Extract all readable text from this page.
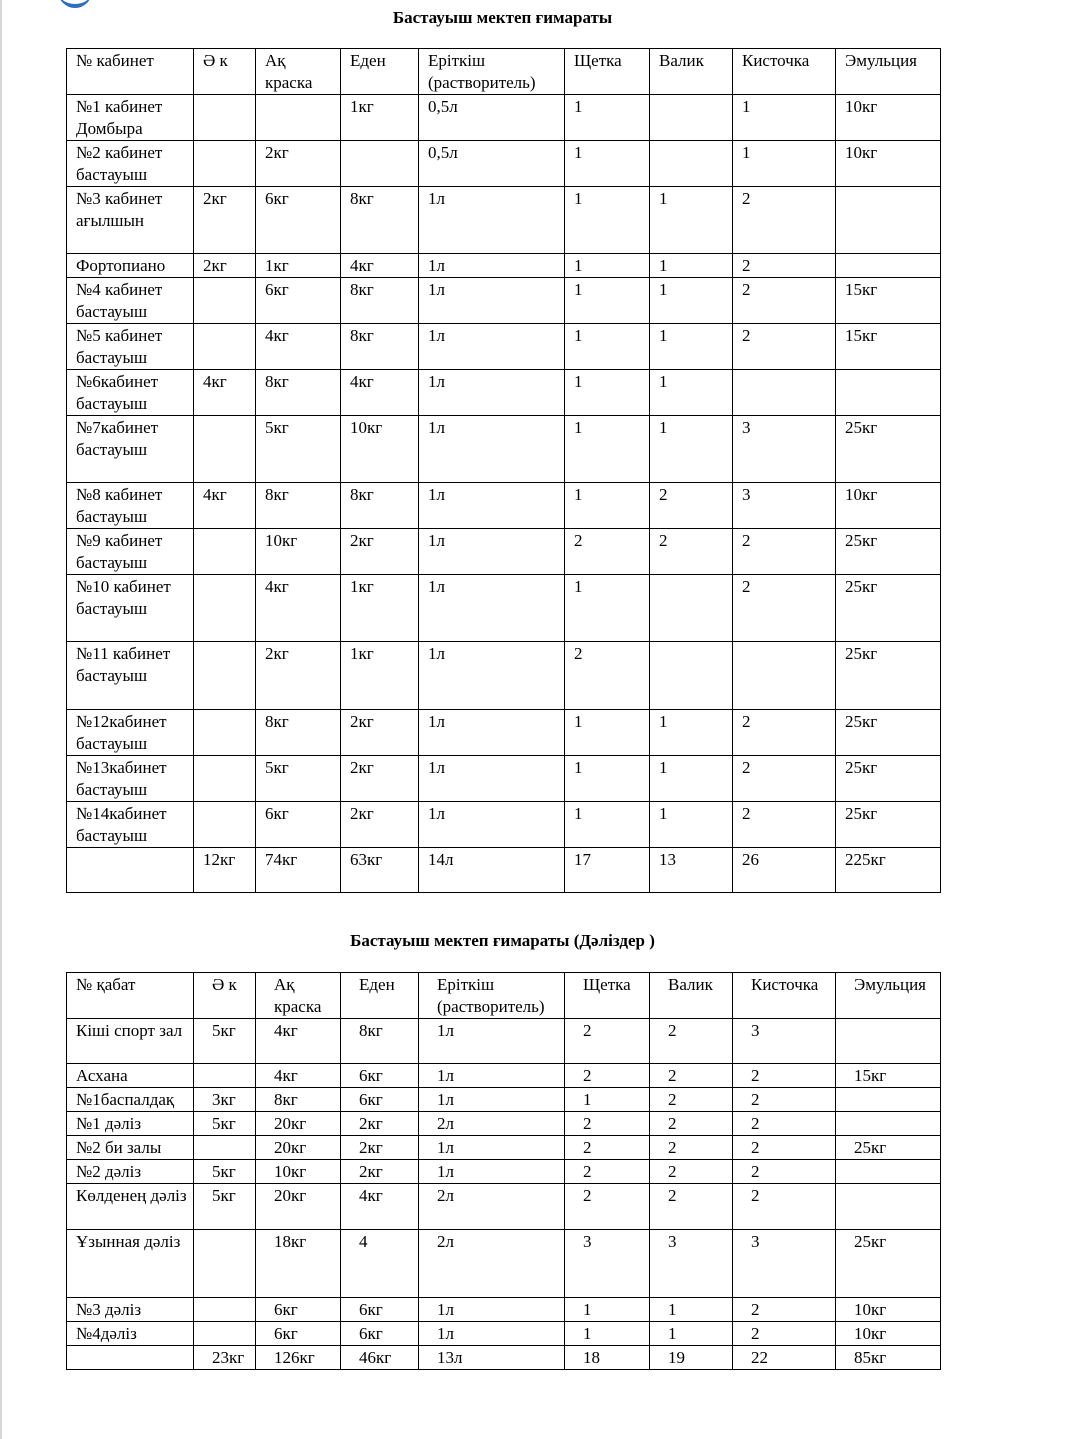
Бастауыш мектеп ғимараты
№ кабинет	Ә к	Ақ краска	Еден	Еріткіш (растворитель)	Щетка	Валик	Кисточка	Эмульция
№1 кабинет Домбыра			1кг	0,5л	1		1	10кг
№2 кабинет бастауыш		2кг		0,5л	1		1	10кг
№3 кабинет ағылшын	2кг	6кг	8кг	1л	1	1	2	
Фортопиано	2кг	1кг	4кг	1л	1	1	2	
№4 кабинет бастауыш		6кг	8кг	1л	1	1	2	15кг
№5 кабинет бастауыш		4кг	8кг	1л	1	1	2	15кг
№6кабинет бастауыш	4кг	8кг	4кг	1л	1	1		
№7кабинет бастауыш		5кг	10кг	1л	1	1	3	25кг
№8 кабинет бастауыш	4кг	8кг	8кг	1л	1	2	3	10кг
№9 кабинет бастауыш		10кг	2кг	1л	2	2	2	25кг
№10 кабинет бастауыш		4кг	1кг	1л	1		2	25кг
№11 кабинет бастауыш		2кг	1кг	1л	2			25кг
№12кабинет бастауыш		8кг	2кг	1л	1	1	2	25кг
№13кабинет бастауыш		5кг	2кг	1л	1	1	2	25кг
№14кабинет бастауыш		6кг	2кг	1л	1	1	2	25кг
	12кг	74кг	63кг	14л	17	13	26	225кг
Бастауыш мектеп ғимараты (Дәліздер )
№ қабат	Ә к	Ақ краска	Еден	Еріткіш (растворитель)	Щетка	Валик	Кисточка	Эмульция
Кіші спорт зал	5кг	4кг	8кг	1л	2	2	3	
Асхана		4кг	6кг	1л	2	2	2	15кг
№1баспалдақ	3кг	8кг	6кг	1л	1	2	2	
№1 дәліз	5кг	20кг	2кг	2л	2	2	2	
№2 би залы		20кг	2кг	1л	2	2	2	25кг
№2 дәліз	5кг	10кг	2кг	1л	2	2	2	
Көлденең дәліз	5кг	20кг	4кг	2л	2	2	2	
Ұзынная дәліз		18кг	4	2л	3	3	3	25кг
№3 дәліз		6кг	6кг	1л	1	1	2	10кг
№4дәліз		6кг	6кг	1л	1	1	2	10кг
	23кг	126кг	46кг	13л	18	19	22	85кг
